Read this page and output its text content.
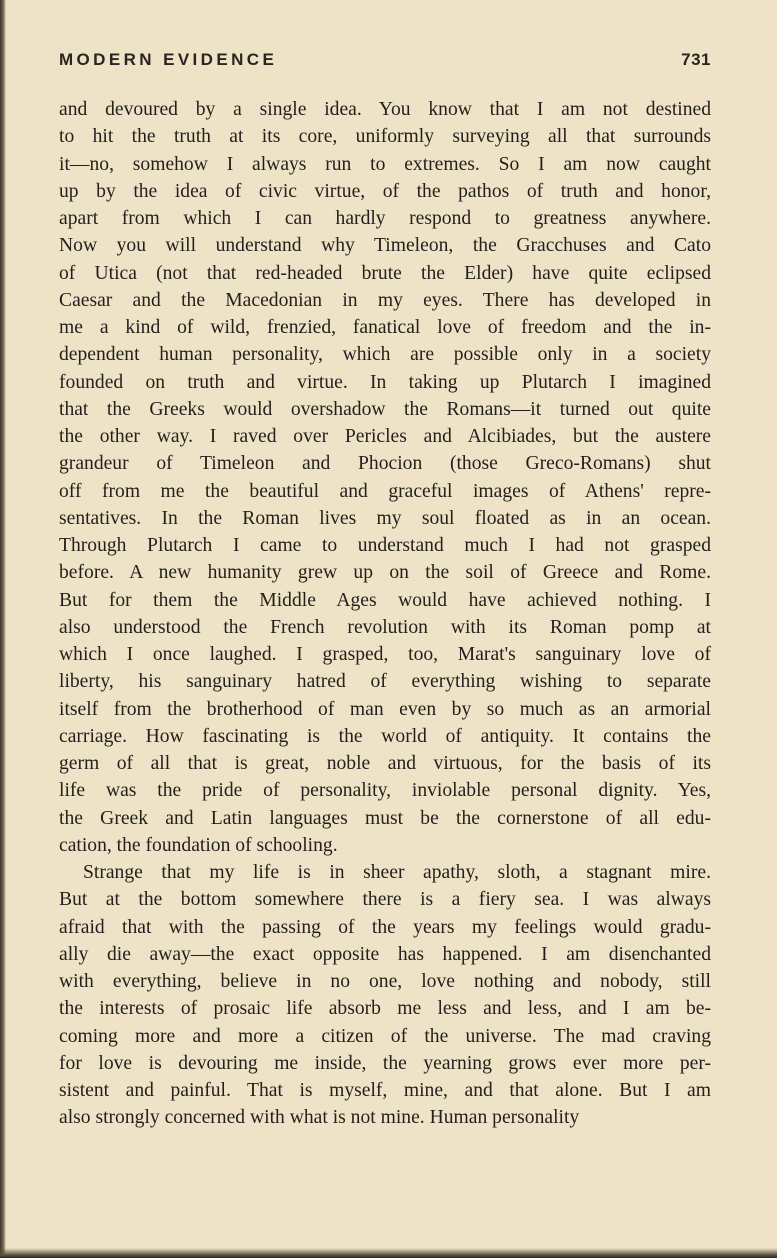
MODERN EVIDENCE	731
and devoured by a single idea. You know that I am not destined
to hit the truth at its core, uniformly surveying all that surrounds
it—no, somehow I always run to extremes. So I am now caught
up by the idea of civic virtue, of the pathos of truth and honor,
apart from which I can hardly respond to greatness anywhere.
Now you will understand why Timeleon, the Gracchuses and Cato
of Utica (not that red-headed brute the Elder) have quite eclipsed
Caesar and the Macedonian in my eyes. There has developed in
me a kind of wild, frenzied, fanatical love of freedom and the in-
dependent human personality, which are possible only in a society
founded on truth and virtue. In taking up Plutarch I imagined
that the Greeks would overshadow the Romans—it turned out quite
the other way. I raved over Pericles and Alcibiades, but the austere
grandeur of Timeleon and Phocion (those Greco-Romans) shut
off from me the beautiful and graceful images of Athens' repre-
sentatives. In the Roman lives my soul floated as in an ocean.
Through Plutarch I came to understand much I had not grasped
before. A new humanity grew up on the soil of Greece and Rome.
But for them the Middle Ages would have achieved nothing. I
also understood the French revolution with its Roman pomp at
which I once laughed. I grasped, too, Marat's sanguinary love of
liberty, his sanguinary hatred of everything wishing to separate
itself from the brotherhood of man even by so much as an armorial
carriage. How fascinating is the world of antiquity. It contains the
germ of all that is great, noble and virtuous, for the basis of its
life was the pride of personality, inviolable personal dignity. Yes,
the Greek and Latin languages must be the cornerstone of all edu-
cation, the foundation of schooling.
Strange that my life is in sheer apathy, sloth, a stagnant mire.
But at the bottom somewhere there is a fiery sea. I was always
afraid that with the passing of the years my feelings would gradu-
ally die away—the exact opposite has happened. I am disenchanted
with everything, believe in no one, love nothing and nobody, still
the interests of prosaic life absorb me less and less, and I am be-
coming more and more a citizen of the universe. The mad craving
for love is devouring me inside, the yearning grows ever more per-
sistent and painful. That is myself, mine, and that alone. But I am
also strongly concerned with what is not mine. Human personality
